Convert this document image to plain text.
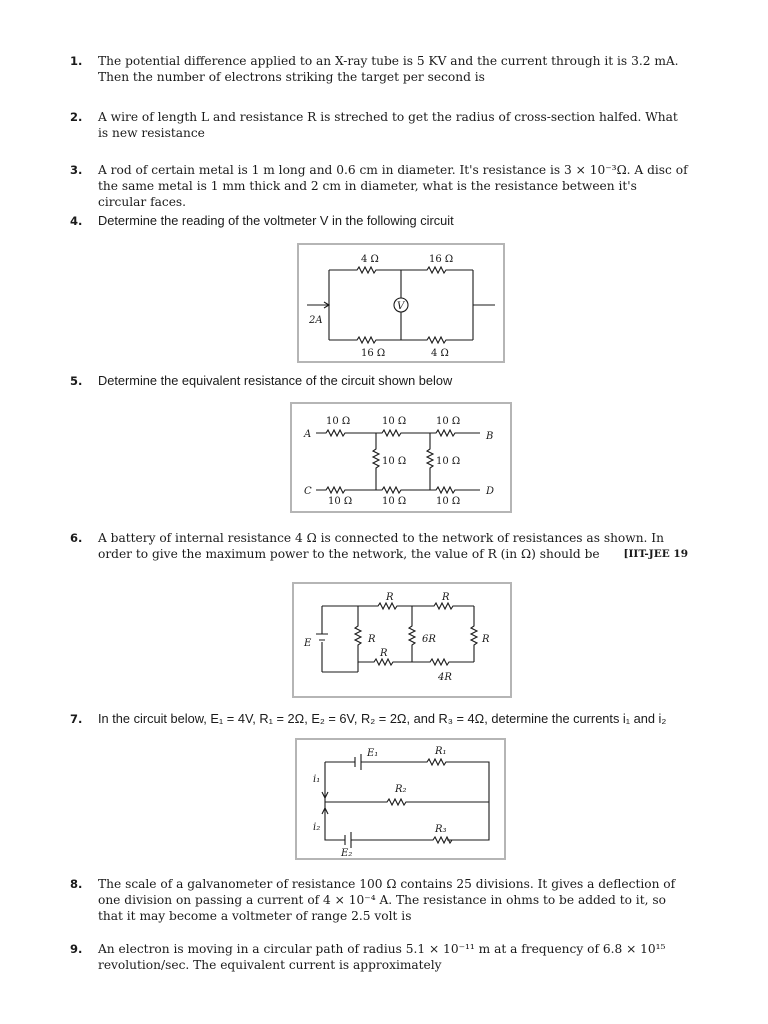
1.	The potential difference applied to an X-ray tube is 5 KV and the current through it is 3.2 mA. Then the number of electrons striking the target per second is
2.	A wire of length L and resistance R is streched to get the radius of cross-section halfed. What is new resistance
3.	A rod of certain metal is 1 m long and 0.6 cm in diameter. It's resistance is 3 × 10⁻³Ω. A disc of the same metal is 1 mm thick and 2 cm in diameter, what is the resistance between it's circular faces.
4.	Determine the reading of the voltmeter V in the following circuit
V
4 Ω	16 Ω
16 Ω	4 Ω
2A
5.	Determine the equivalent resistance of the circuit shown below
A	B
C	D
10 Ω	10 Ω	10 Ω
10 Ω	10 Ω
10 Ω	10 Ω	10 Ω
6.	A battery of internal resistance 4 Ω is connected to the network of resistances as shown. In order to give the maximum power to the network, the value of R (in Ω) should be	[IIT-JEE 19
E
R	R
R	6R	R
R
4R
7.	In the circuit below, E₁ = 4V, R₁ = 2Ω, E₂ = 6V, R₂ = 2Ω, and R₃ = 4Ω, determine the currents i₁ and i₂
E₁	R₁
R₂
R₃
E₂
i₁
i₂
8.	The scale of a galvanometer of resistance 100 Ω contains 25 divisions. It gives a deflection of one division on passing a current of 4 × 10⁻⁴ A. The resistance in ohms to be added to it, so that it may become a voltmeter of range 2.5 volt is
9.	An electron is moving in a circular path of radius 5.1 × 10⁻¹¹ m at a frequency of 6.8 × 10¹⁵ revolution/sec. The equivalent current is approximately
